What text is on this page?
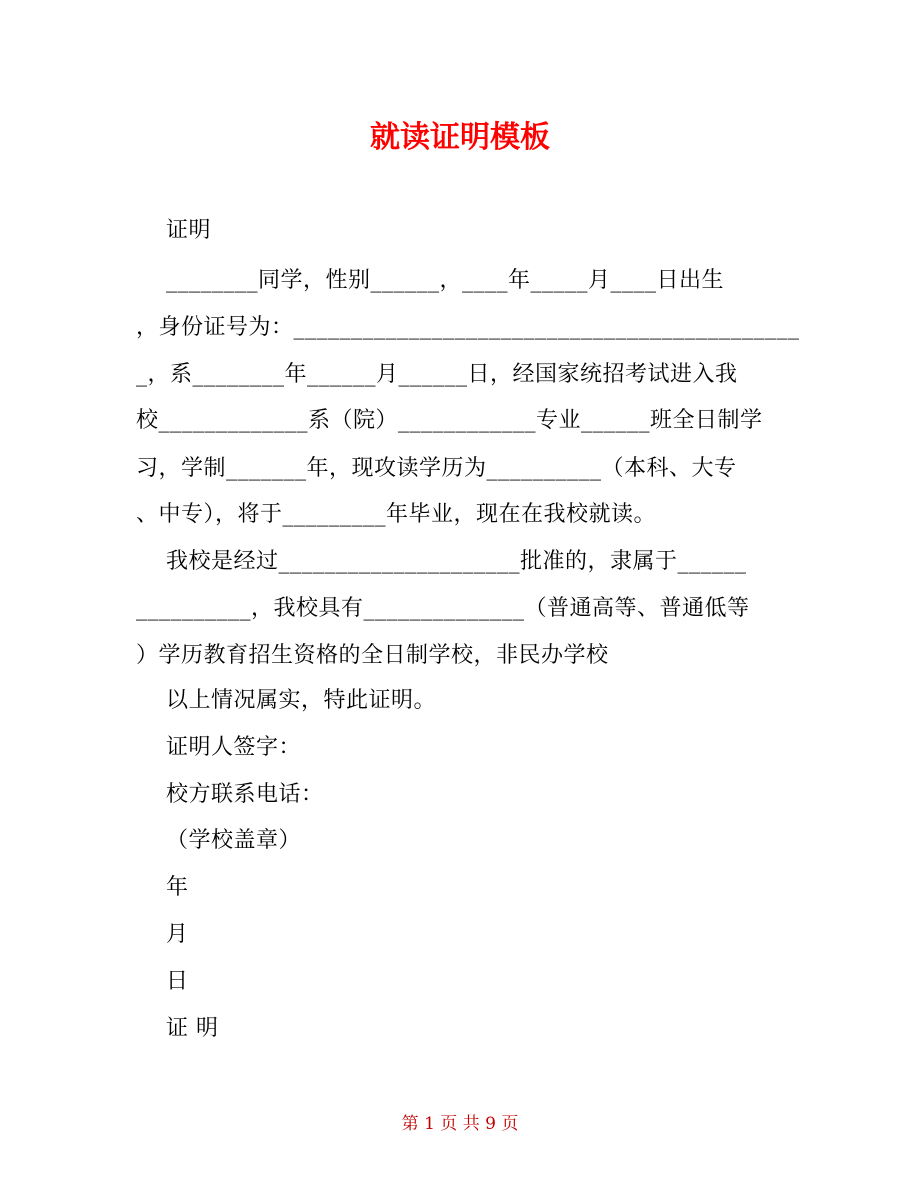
就读证明模板
证明
________同学，性别______，____年_____月____日出生
，身份证号为：____________________________________________
_，系________年______月______日，经国家统招考试进入我
校_____________系（院）____________专业______班全日制学
习，学制_______年，现攻读学历为__________（本科、大专
、中专），将于_________年毕业，现在在我校就读。
我校是经过_____________________批准的，隶属于______
__________，我校具有______________（普通高等、普通低等
）学历教育招生资格的全日制学校，非民办学校
以上情况属实，特此证明。
证明人签字：
校方联系电话：
（学校盖章）
年
月
日
证 明
第 1 页 共 9 页
